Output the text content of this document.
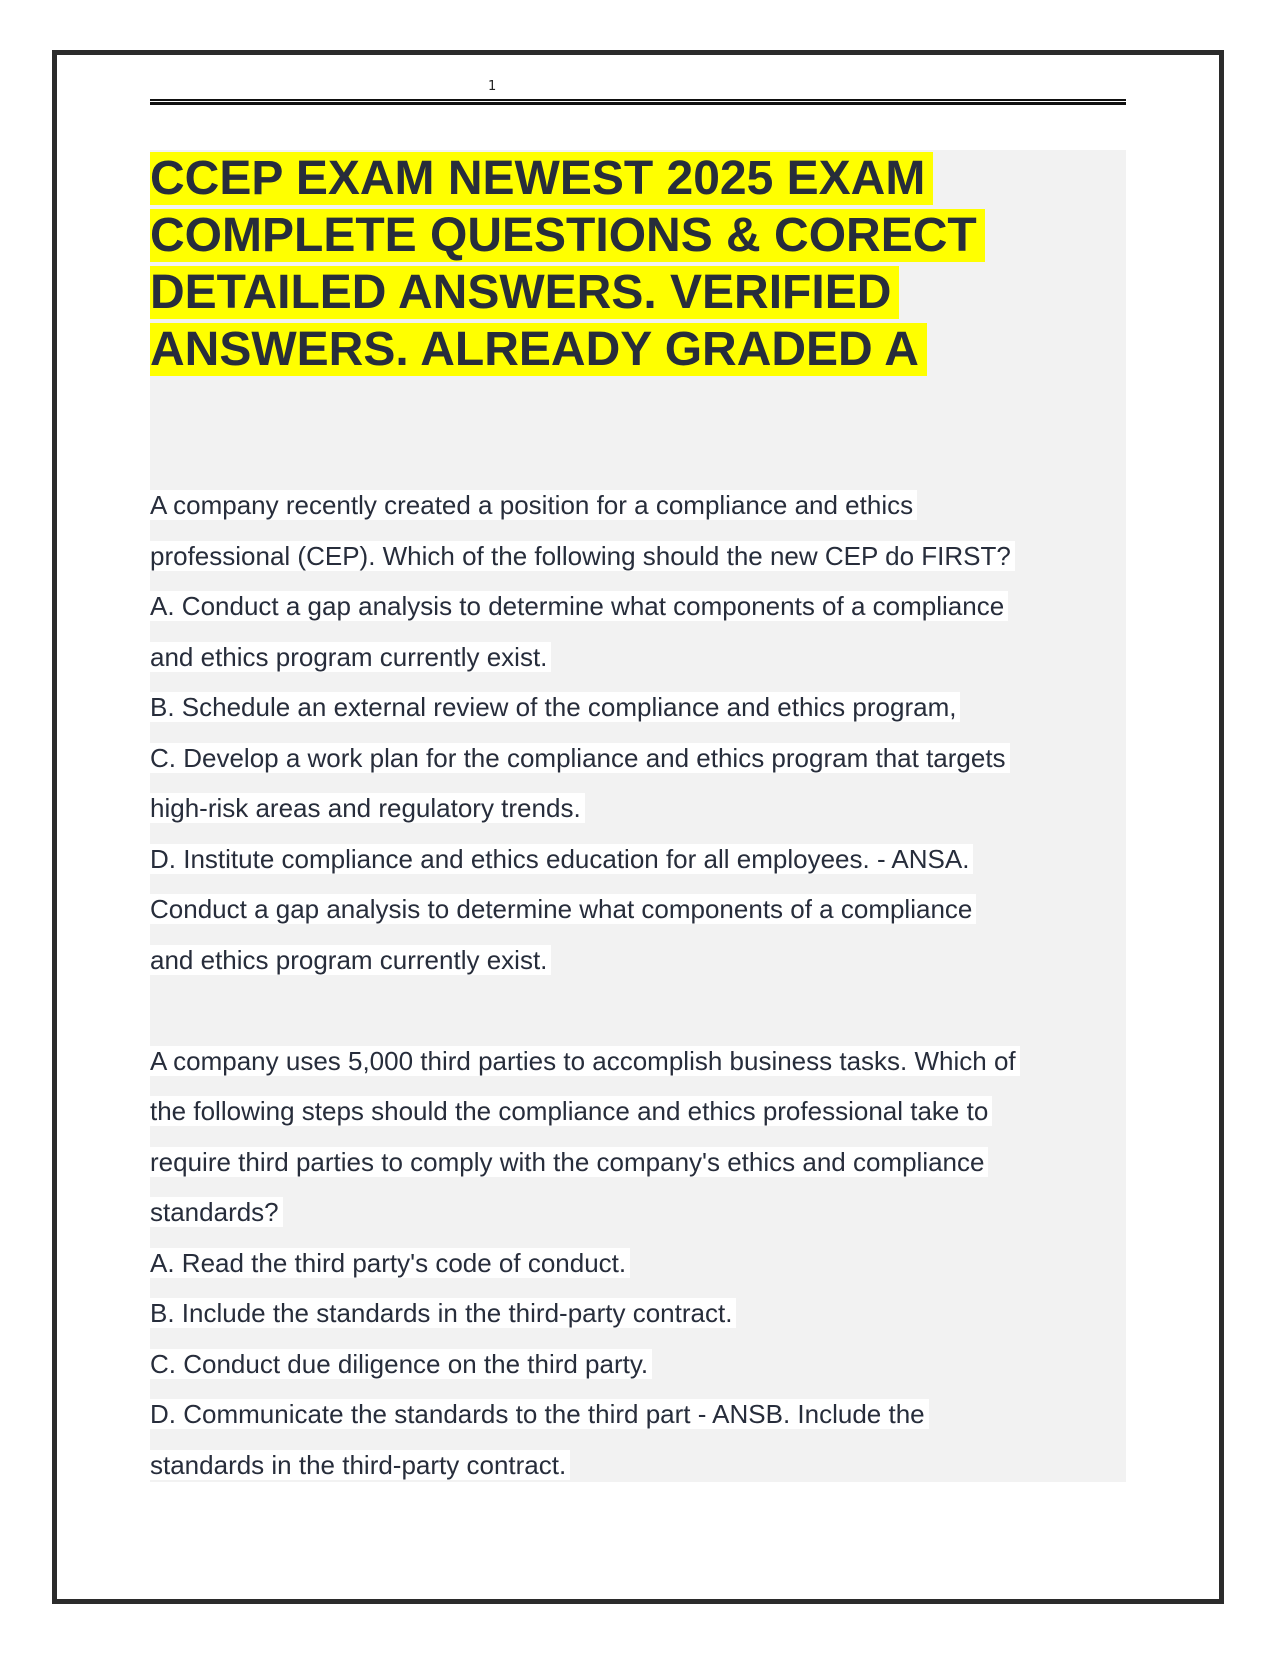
1
CCEP EXAM NEWEST 2025 EXAM
COMPLETE QUESTIONS & CORECT
DETAILED ANSWERS. VERIFIED
ANSWERS. ALREADY GRADED A
A company recently created a position for a compliance and ethics
professional (CEP). Which of the following should the new CEP do FIRST?
A. Conduct a gap analysis to determine what components of a compliance
and ethics program currently exist.
B. Schedule an external review of the compliance and ethics program,
C. Develop a work plan for the compliance and ethics program that targets
high-risk areas and regulatory trends.
D. Institute compliance and ethics education for all employees. - ANSA.
Conduct a gap analysis to determine what components of a compliance
and ethics program currently exist.
A company uses 5,000 third parties to accomplish business tasks. Which of
the following steps should the compliance and ethics professional take to
require third parties to comply with the company's ethics and compliance
standards?
A. Read the third party's code of conduct.
B. Include the standards in the third-party contract.
C. Conduct due diligence on the third party.
D. Communicate the standards to the third part - ANSB. Include the
standards in the third-party contract.
